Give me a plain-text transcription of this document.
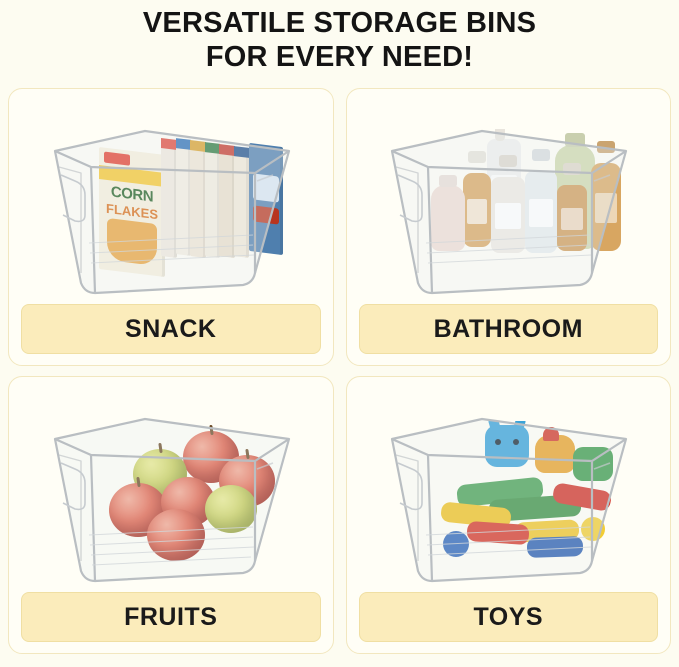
VERSATILE STORAGE BINS
FOR EVERY NEED!
SNACK	BATHROOM
FRUITS	TOYS
